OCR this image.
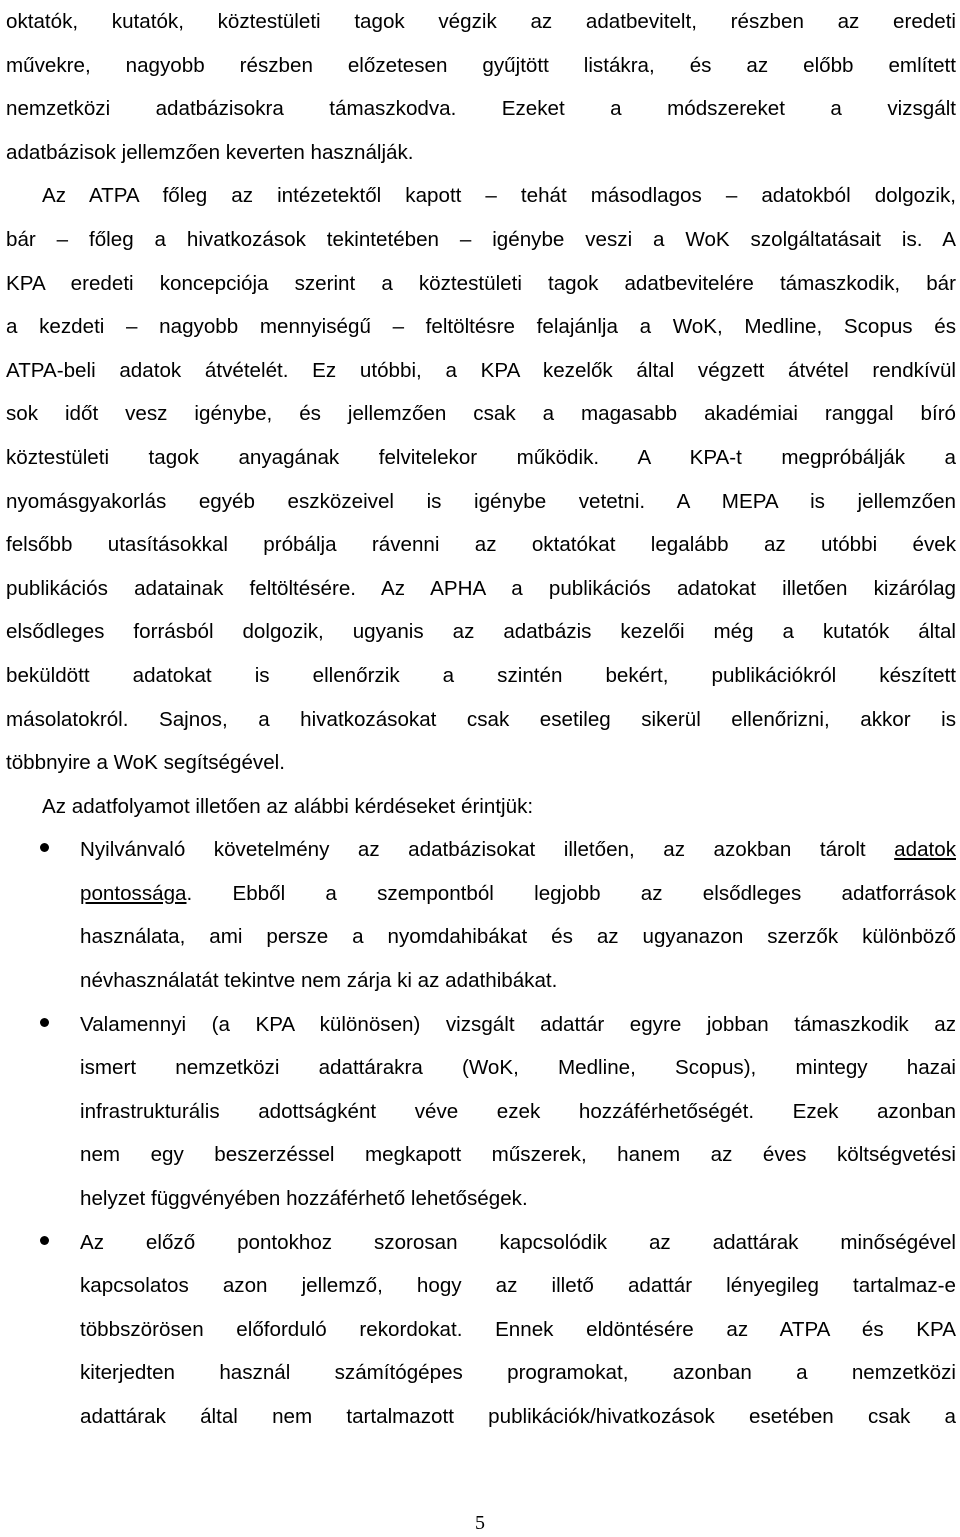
oktatók, kutatók, köztestületi tagok végzik az adatbevitelt, részben az eredeti
művekre, nagyobb részben előzetesen gyűjtött listákra, és az előbb említett
nemzetközi adatbázisokra támaszkodva. Ezeket a módszereket a vizsgált
adatbázisok jellemzően keverten használják.
Az ATPA főleg az intézetektől kapott – tehát másodlagos – adatokból dolgozik,
bár – főleg a hivatkozások tekintetében – igénybe veszi a WoK szolgáltatásait is. A
KPA eredeti koncepciója szerint a köztestületi tagok adatbevitelére támaszkodik, bár
a kezdeti – nagyobb mennyiségű – feltöltésre felajánlja a WoK, Medline, Scopus és
ATPA-beli adatok átvételét. Ez utóbbi, a KPA kezelők által végzett átvétel rendkívül
sok időt vesz igénybe, és jellemzően csak a magasabb akadémiai ranggal bíró
köztestületi tagok anyagának felvitelekor működik. A KPA-t megpróbálják a
nyomásgyakorlás egyéb eszközeivel is igénybe vetetni. A MEPA is jellemzően
felsőbb utasításokkal próbálja rávenni az oktatókat legalább az utóbbi évek
publikációs adatainak feltöltésére. Az APHA a publikációs adatokat illetően kizárólag
elsődleges forrásból dolgozik, ugyanis az adatbázis kezelői még a kutatók által
beküldött adatokat is ellenőrzik a szintén bekért, publikációkról készített
másolatokról. Sajnos, a hivatkozásokat csak esetileg sikerül ellenőrizni, akkor is
többnyire a WoK segítségével.
Az adatfolyamot illetően az alábbi kérdéseket érintjük:
Nyilvánvaló követelmény az adatbázisokat illetően, az azokban tárolt adatok
pontossága. Ebből a szempontból legjobb az elsődleges adatforrások
használata, ami persze a nyomdahibákat és az ugyanazon szerzők különböző
névhasználatát tekintve nem zárja ki az adathibákat.
Valamennyi (a KPA különösen) vizsgált adattár egyre jobban támaszkodik az
ismert nemzetközi adattárakra (WoK, Medline, Scopus), mintegy hazai
infrastrukturális adottságként véve ezek hozzáférhetőségét. Ezek azonban
nem egy beszerzéssel megkapott műszerek, hanem az éves költségvetési
helyzet függvényében hozzáférhető lehetőségek.
Az előző pontokhoz szorosan kapcsolódik az adattárak minőségével
kapcsolatos azon jellemző, hogy az illető adattár lényegileg tartalmaz-e
többszörösen előforduló rekordokat. Ennek eldöntésére az ATPA és KPA
kiterjedten használ számítógépes programokat, azonban a nemzetközi
adattárak által nem tartalmazott publikációk/hivatkozások esetében csak a
5
